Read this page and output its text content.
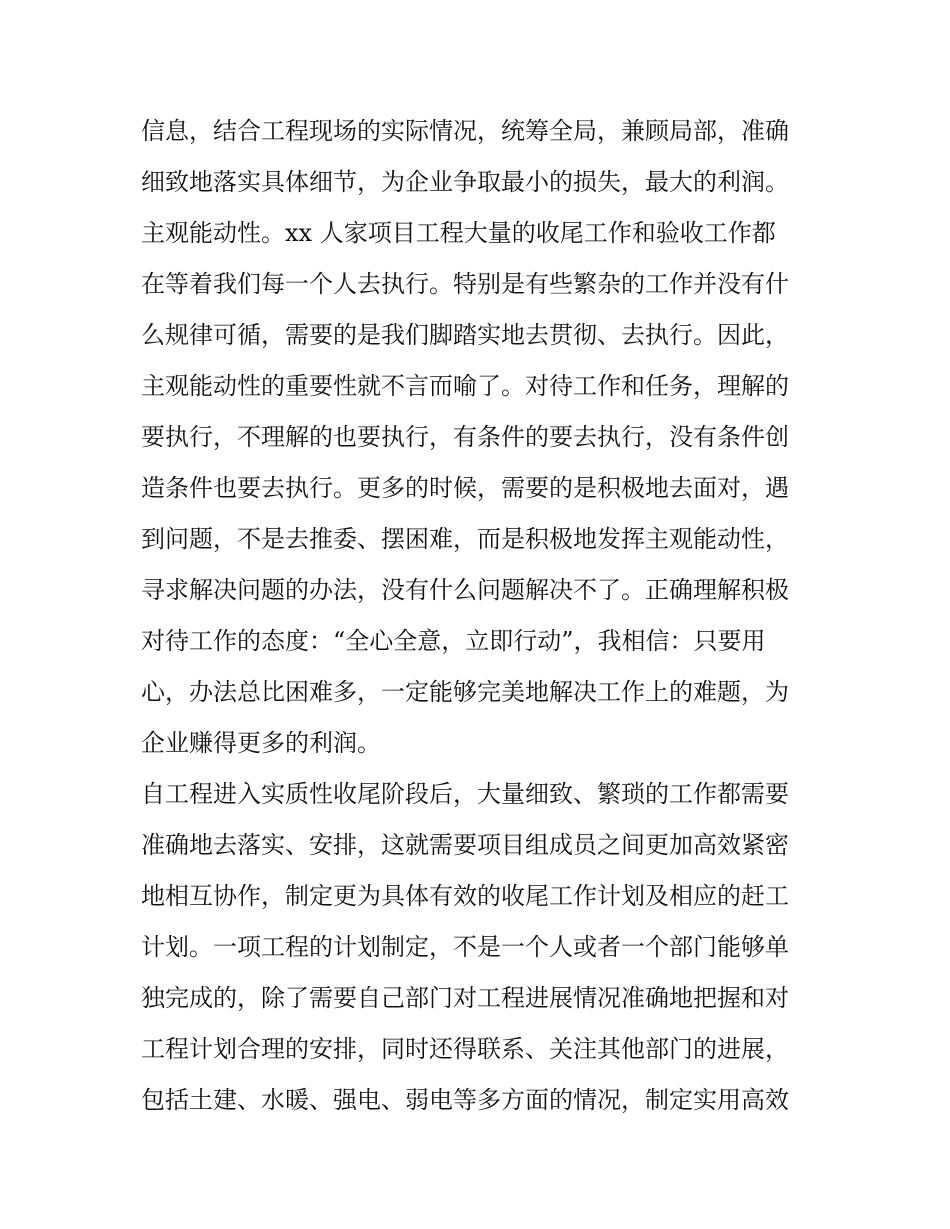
信息，结合工程现场的实际情况，统筹全局，兼顾局部，准确
细致地落实具体细节，为企业争取最小的损失，最大的利润。
主观能动性。xx 人家项目工程大量的收尾工作和验收工作都
在等着我们每一个人去执行。特别是有些繁杂的工作并没有什
么规律可循，需要的是我们脚踏实地去贯彻、去执行。因此，
主观能动性的重要性就不言而喻了。对待工作和任务，理解的
要执行，不理解的也要执行，有条件的要去执行，没有条件创
造条件也要去执行。更多的时候，需要的是积极地去面对，遇
到问题，不是去推委、摆困难，而是积极地发挥主观能动性，
寻求解决问题的办法，没有什么问题解决不了。正确理解积极
对待工作的态度：“全心全意，立即行动”，我相信：只要用
心，办法总比困难多，一定能够完美地解决工作上的难题，为
企业赚得更多的利润。
自工程进入实质性收尾阶段后，大量细致、繁琐的工作都需要
准确地去落实、安排，这就需要项目组成员之间更加高效紧密
地相互协作，制定更为具体有效的收尾工作计划及相应的赶工
计划。一项工程的计划制定，不是一个人或者一个部门能够单
独完成的，除了需要自己部门对工程进展情况准确地把握和对
工程计划合理的安排，同时还得联系、关注其他部门的进展，
包括土建、水暖、强电、弱电等多方面的情况，制定实用高效
